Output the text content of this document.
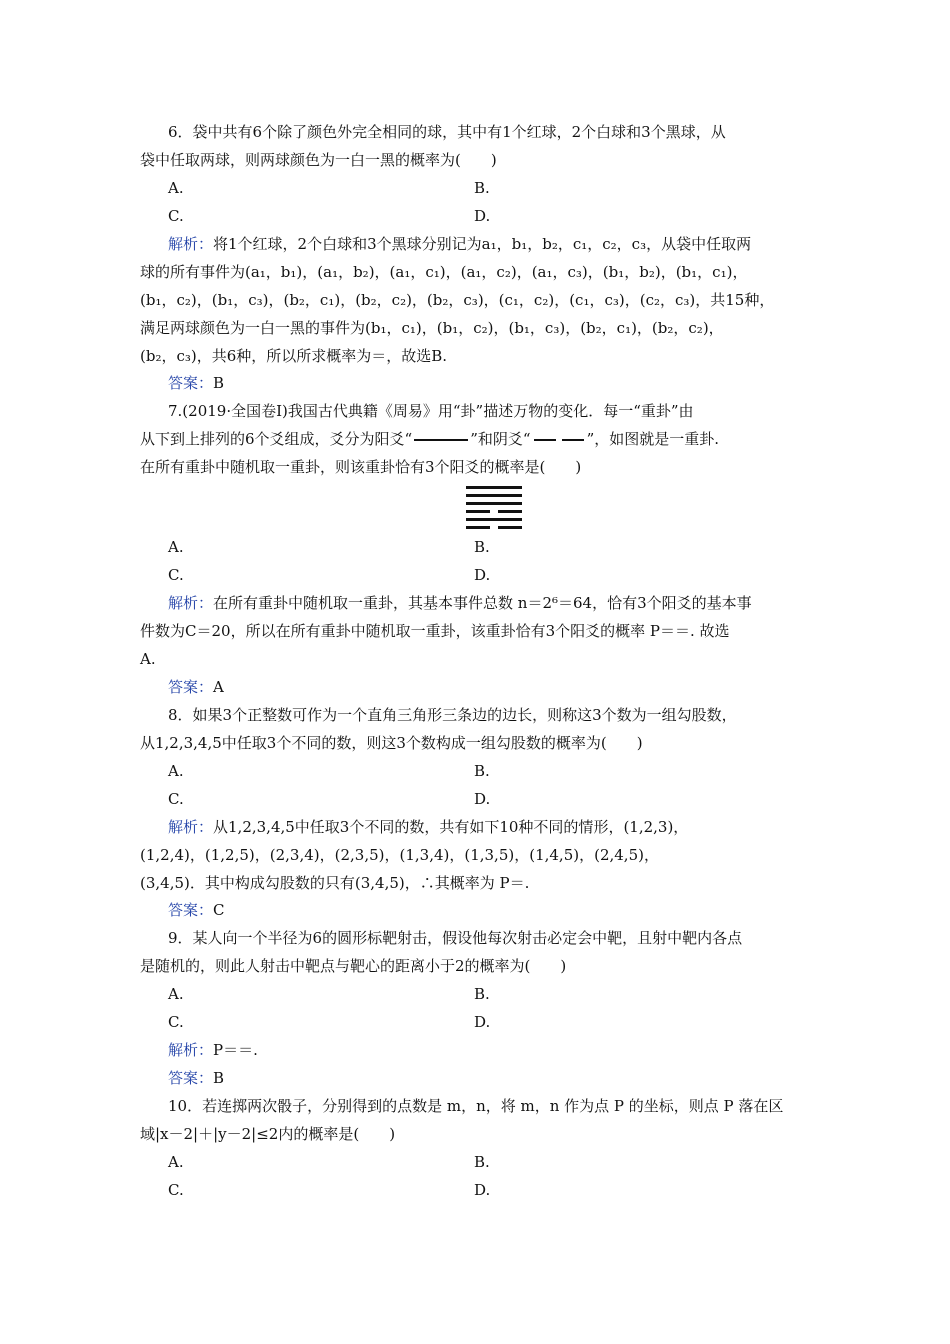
6．袋中共有6个除了颜色外完全相同的球，其中有1个红球，2个白球和3个黑球，从
袋中任取两球，则两球颜色为一白一黑的概率为(　　)
A.	B.
C.	D.
解析：将1个红球，2个白球和3个黑球分别记为a₁，b₁，b₂，c₁，c₂，c₃，从袋中任取两
球的所有事件为(a₁，b₁)，(a₁，b₂)，(a₁，c₁)，(a₁，c₂)，(a₁，c₃)，(b₁，b₂)，(b₁，c₁)，
(b₁，c₂)，(b₁，c₃)，(b₂，c₁)，(b₂，c₂)，(b₂，c₃)，(c₁，c₂)，(c₁，c₃)，(c₂，c₃)，共15种，
满足两球颜色为一白一黑的事件为(b₁，c₁)，(b₁，c₂)，(b₁，c₃)，(b₂，c₁)，(b₂，c₂)，
(b₂，c₃)，共6种，所以所求概率为＝，故选B.
答案：B
7.(2019·全国卷Ⅰ)我国古代典籍《周易》用“卦”描述万物的变化．每一“重卦”由
从下到上排列的6个爻组成，爻分为阳爻“	”和阴爻“	”，如图就是一重卦.
在所有重卦中随机取一重卦，则该重卦恰有3个阳爻的概率是(　　)
A.	B.
C.	D.
解析：在所有重卦中随机取一重卦，其基本事件总数 n＝2⁶＝64，恰有3个阳爻的基本事
件数为C＝20，所以在所有重卦中随机取一重卦，该重卦恰有3个阳爻的概率 P＝＝. 故选
A.
答案：A
8．如果3个正整数可作为一个直角三角形三条边的边长，则称这3个数为一组勾股数，
从1,2,3,4,5中任取3个不同的数，则这3个数构成一组勾股数的概率为(　　)
A.	B.
C.	D.
解析：从1,2,3,4,5中任取3个不同的数，共有如下10种不同的情形，(1,2,3)，
(1,2,4)，(1,2,5)，(2,3,4)，(2,3,5)，(1,3,4)，(1,3,5)，(1,4,5)，(2,4,5)，
(3,4,5)．其中构成勾股数的只有(3,4,5)，∴其概率为 P＝.
答案：C
9．某人向一个半径为6的圆形标靶射击，假设他每次射击必定会中靶，且射中靶内各点
是随机的，则此人射击中靶点与靶心的距离小于2的概率为(　　)
A.	B.
C.	D.
解析：P＝＝.
答案：B
10．若连掷两次骰子，分别得到的点数是 m，n，将 m，n 作为点 P 的坐标，则点 P 落在区
域|x－2|＋|y－2|≤2内的概率是(　　)
A.	B.
C.	D.
